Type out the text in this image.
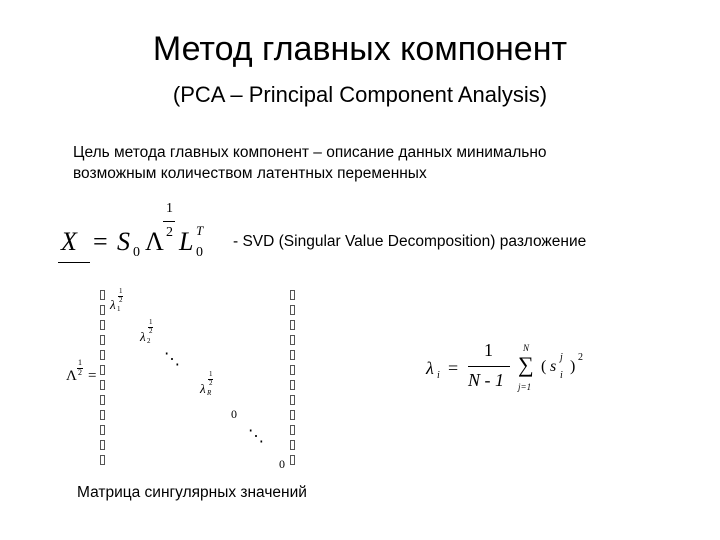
Метод главных компонент
(PCA – Principal Component Analysis)
Цель метода главных компонент – описание данных минимально
возможным количеством латентных переменных
X = S 0 Λ
1
2 L T
0
- SVD (Singular Value Decomposition) разложение
Λ
1
2 =
λ 1
1
2
λ 2
1
2
⋱
λ R
1
2
0
⋱
0
λ i =
1
N - 1
N
∑
j=1
( s
j
i
)
2
Матрица сингулярных значений
